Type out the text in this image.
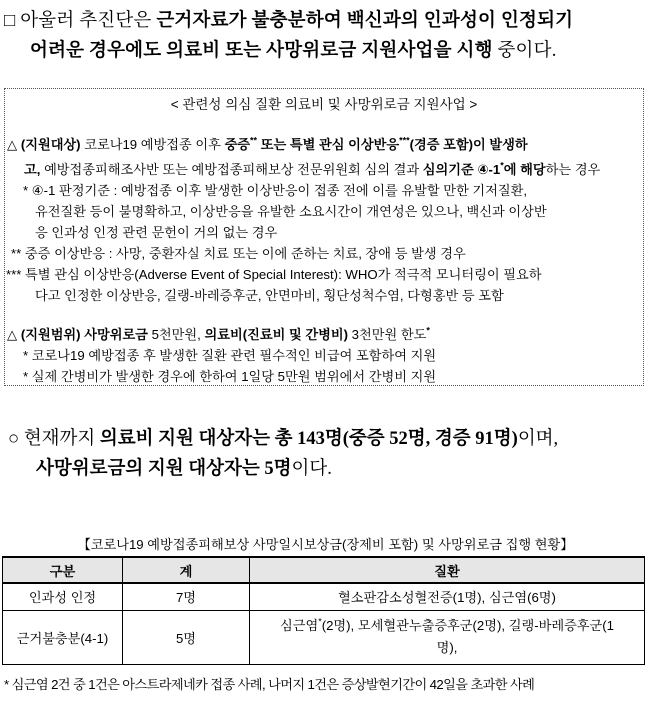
□ 아울러 추진단은 근거자료가 불충분하여 백신과의 인과성이 인정되기
어려운 경우에도 의료비 또는 사망위로금 지원사업을 시행 중이다.
< 관련성 의심 질환 의료비 및 사망위로금 지원사업 >
△ (지원대상) 코로나19 예방접종 이후 중증** 또는 특별 관심 이상반응***(경증 포함)이 발생하
고, 예방접종피해조사반 또는 예방접종피해보상 전문위원회 심의 결과 심의기준 ④-1*에 해당하는 경우
* ④-1 판정기준 : 예방접종 이후 발생한 이상반응이 접종 전에 이를 유발할 만한 기저질환,
유전질환 등이 불명확하고, 이상반응을 유발한 소요시간이 개연성은 있으나, 백신과 이상반
응 인과성 인정 관련 문헌이 거의 없는 경우
** 중증 이상반응 : 사망, 중환자실 치료 또는 이에 준하는 치료, 장애 등 발생 경우
*** 특별 관심 이상반응(Adverse Event of Special Interest): WHO가 적극적 모니터링이 필요하
다고 인정한 이상반응, 길랭-바레증후군, 안면마비, 횡단성척수염, 다형홍반 등 포함
△ (지원범위) 사망위로금 5천만원, 의료비(진료비 및 간병비) 3천만원 한도*
* 코로나19 예방접종 후 발생한 질환 관련 필수적인 비급여 포함하여 지원
* 실제 간병비가 발생한 경우에 한하여 1일당 5만원 범위에서 간병비 지원
○ 현재까지 의료비 지원 대상자는 총 143명(중증 52명, 경증 91명)이며,
사망위로금의 지원 대상자는 5명이다.
【코로나19 예방접종피해보상 사망일시보상금(장제비 포함) 및 사망위로금 집행 현황】
구분	계	질환
인과성 인정	7명	혈소판감소성혈전증(1명), 심근염(6명)
근거불충분(4-1)	5명	심근염*(2명), 모세혈관누출증후군(2명), 길랭-바레증후군(1
명),
* 심근염 2건 중 1건은 아스트라제네카 접종 사례, 나머지 1건은 증상발현기간이 42일을 초과한 사례
